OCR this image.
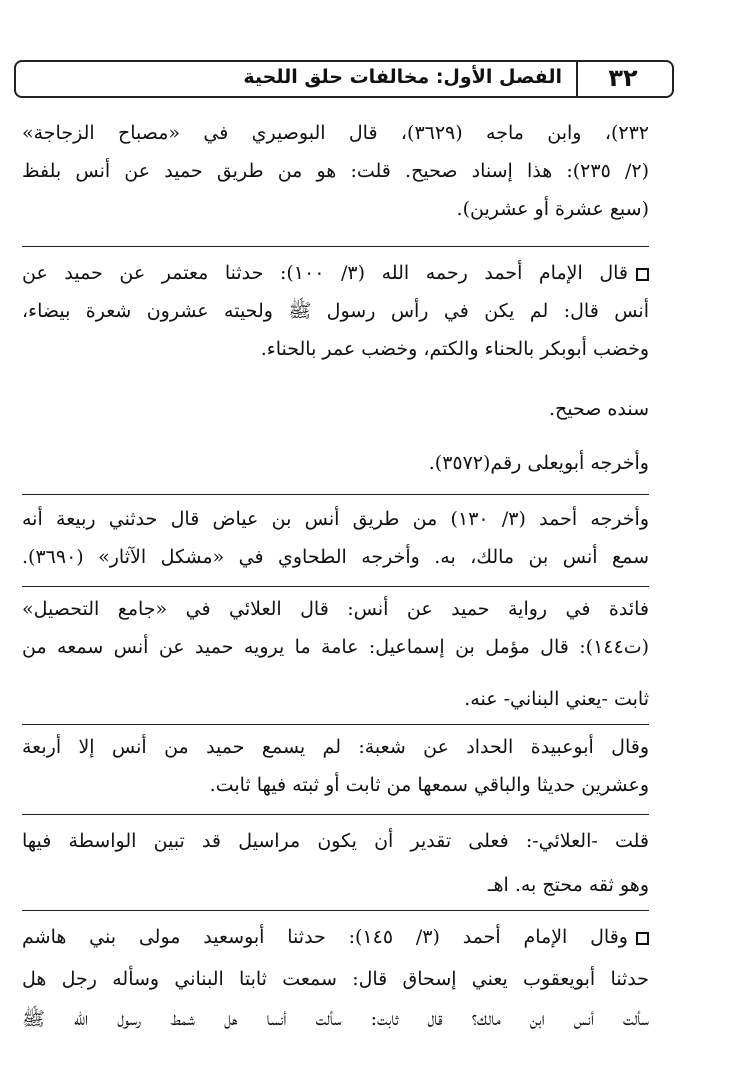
٣٢
الفصل الأول: مخالفات حلق اللحية
٢٣٢)، وابن ماجه (٣٦٢٩)، قال البوصيري في «مصباح الزجاجة»
(٢/ ٢٣٥): هذا إسناد صحيح. قلت: هو من طريق حميد عن أنس بلفظ
(سبع عشرة أو عشرين).
قال الإمام أحمد رحمه الله (٣/ ١٠٠): حدثنا معتمر عن حميد عن
أنس قال: لم يكن في رأس رسول ﷺ ولحيته عشرون شعرة بيضاء،
وخضب أبوبكر بالحناء والكتم، وخضب عمر بالحناء.
سنده صحيح.
وأخرجه أبويعلى رقم(٣٥٧٢).
وأخرجه أحمد (٣/ ١٣٠) من طريق أنس بن عياض قال حدثني ربيعة أنه
سمع أنس بن مالك، به. وأخرجه الطحاوي في «مشكل الآثار» (٣٦٩٠).
فائدة في رواية حميد عن أنس: قال العلائي في «جامع التحصيل»
(ت١٤٤): قال مؤمل بن إسماعيل: عامة ما يرويه حميد عن أنس سمعه من
ثابت -يعني البناني- عنه.
وقال أبوعبيدة الحداد عن شعبة: لم يسمع حميد من أنس إلا أربعة
وعشرين حديثا والباقي سمعها من ثابت أو ثبته فيها ثابت.
قلت -العلائي-: فعلى تقدير أن يكون مراسيل قد تبين الواسطة فيها
وهو ثقه محتج به. اهـ
وقال الإمام أحمد (٣/ ١٤٥): حدثنا أبوسعيد مولى بني هاشم
حدثنا أبويعقوب يعني إسحاق قال: سمعت ثابتا البناني وسأله رجل هل
سألت أنس ابن مالك؟ قال ثابت: سألت أنسا هل شمط رسول الله ﷺ
